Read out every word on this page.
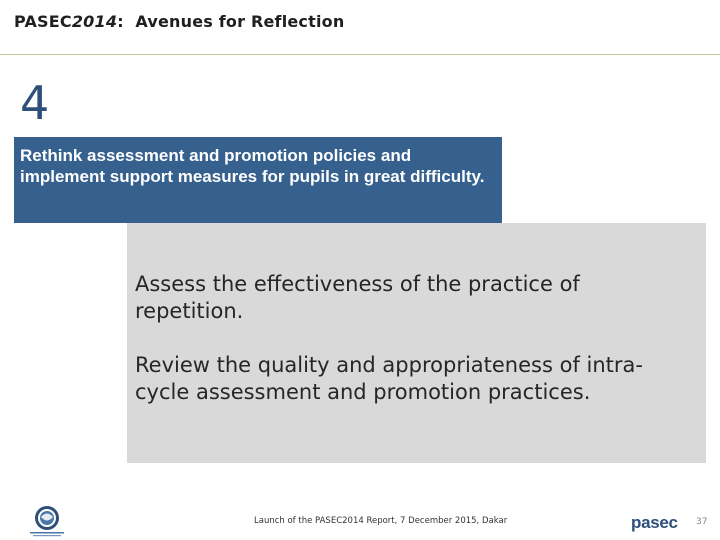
PASEC2014:  Avenues for Reflection
4
Rethink assessment and promotion policies and implement support measures for pupils in great difficulty.

Assess the effectiveness of the practice of repetition.

Review the quality and appropriateness of intra-cycle assessment and promotion practices.

Launch of the PASEC2014 Report, 7 December 2015, Dakar	pasec 37
